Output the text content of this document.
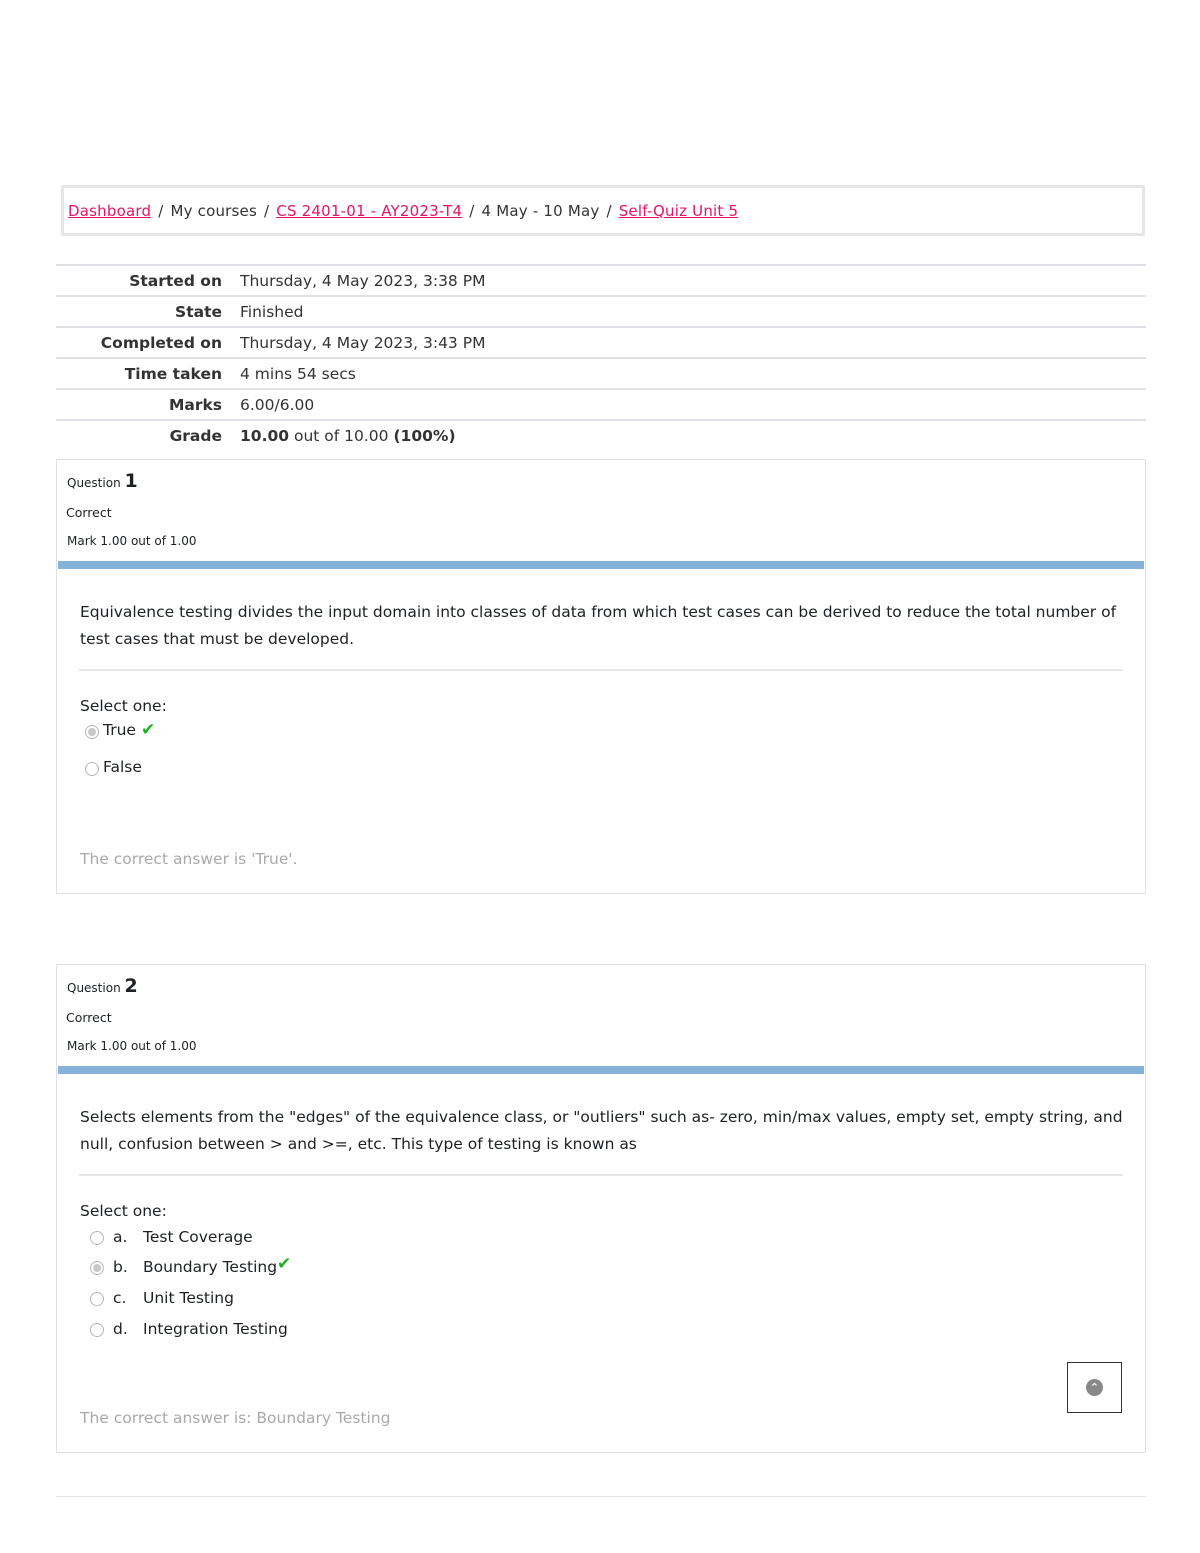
Dashboard / My courses / CS 2401-01 - AY2023-T4 / 4 May - 10 May / Self-Quiz Unit 5
Started on	Thursday, 4 May 2023, 3:38 PM
State	Finished
Completed on	Thursday, 4 May 2023, 3:43 PM
Time taken	4 mins 54 secs
Marks	6.00/6.00
Grade	10.00 out of 10.00 (100%)
Question 1
Correct
Mark 1.00 out of 1.00
Equivalence testing divides the input domain into classes of data from which test cases can be derived to reduce the total number of test cases that must be developed.
Select one:
True ✔
False
The correct answer is 'True'.
Question 2
Correct
Mark 1.00 out of 1.00
Selects elements from the "edges" of the equivalence class, or "outliers" such as- zero, min/max values, empty set, empty string, and null, confusion between > and >=, etc. This type of testing is known as
Select one:
a. Test Coverage
b. Boundary Testing ✔
c. Unit Testing
d. Integration Testing
The correct answer is: Boundary Testing
⌃
